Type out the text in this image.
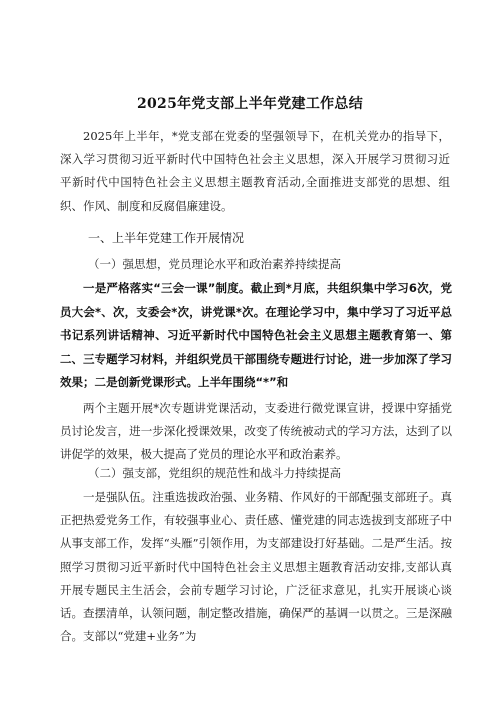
2025年党支部上半年党建工作总结

2025年上半年，*党支部在党委的坚强领导下，在机关党办的指导下，深入学习贯彻习近平新时代中国特色社会主义思想，深入开展学习贯彻习近平新时代中国特色社会主义思想主题教育活动,全面推进支部党的思想、组织、作风、制度和反腐倡廉建设。

一、上半年党建工作开展情况
（一）强思想，党员理论水平和政治素养持续提高

一是严格落实“三会一课”制度。截止到*月底，共组织集中学习6次，党员大会*、次，支委会*次，讲党课*次。在理论学习中，集中学习了习近平总书记系列讲话精神、习近平新时代中国特色社会主义思想主题教育第一、第二、三专题学习材料，并组织党员干部围绕专题进行讨论，进一步加深了学习效果；二是创新党课形式。上半年围绕“*”和

两个主题开展*次专题讲党课活动，支委进行微党课宣讲，授课中穿插党员讨论发言，进一步深化授课效果，改变了传统被动式的学习方法，达到了以讲促学的效果，极大提高了党员的理论水平和政治素养。

（二）强支部，党组织的规范性和战斗力持续提高

一是强队伍。注重选拔政治强、业务精、作风好的干部配强支部班子。真正把热爱党务工作，有较强事业心、责任感、懂党建的同志选拔到支部班子中从事支部工作，发挥“头雁”引领作用，为支部建设打好基础。二是严生活。按照学习贯彻习近平新时代中国特色社会主义思想主题教育活动安排,支部认真开展专题民主生活会，会前专题学习讨论，广泛征求意见，扎实开展谈心谈话。查摆清单，认领问题，制定整改措施，确保严的基调一以贯之。三是深融合。支部以“党建+业务”为
